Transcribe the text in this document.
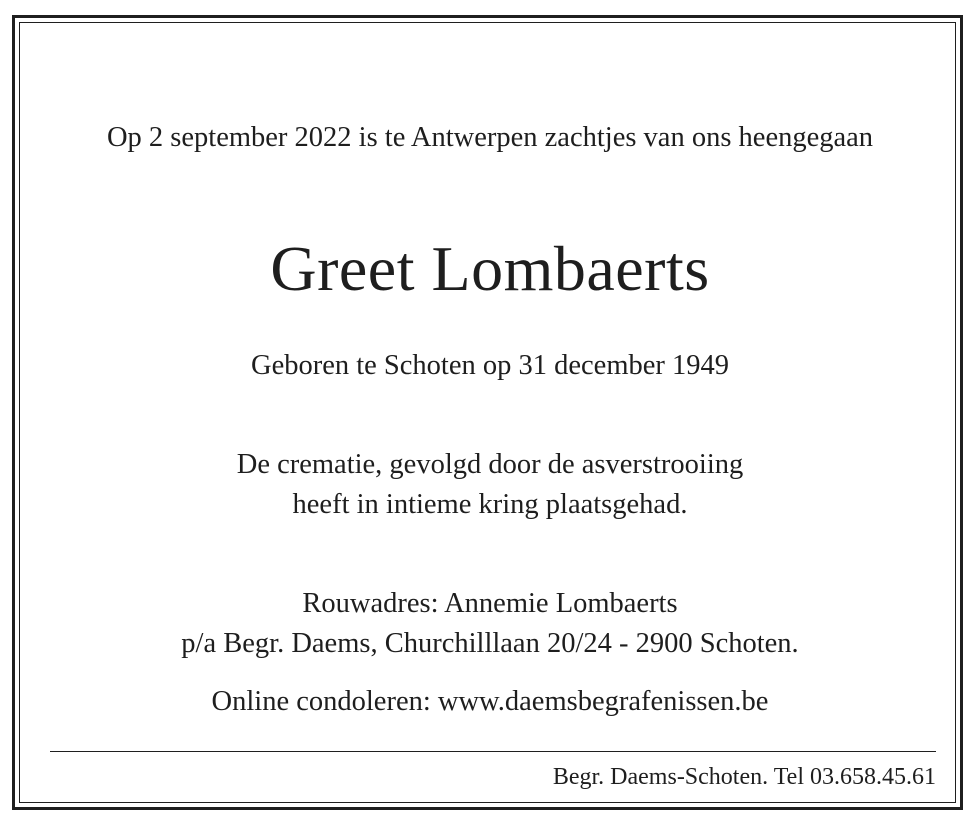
Op 2 september 2022 is te Antwerpen zachtjes van ons heengegaan
Greet Lombaerts
Geboren te Schoten op 31 december 1949
De crematie, gevolgd door de asverstrooiing
heeft in intieme kring plaatsgehad.
Rouwadres: Annemie Lombaerts
p/a Begr. Daems, Churchilllaan 20/24 - 2900 Schoten.
Online condoleren: www.daemsbegrafenissen.be
Begr. Daems-Schoten. Tel 03.658.45.61
